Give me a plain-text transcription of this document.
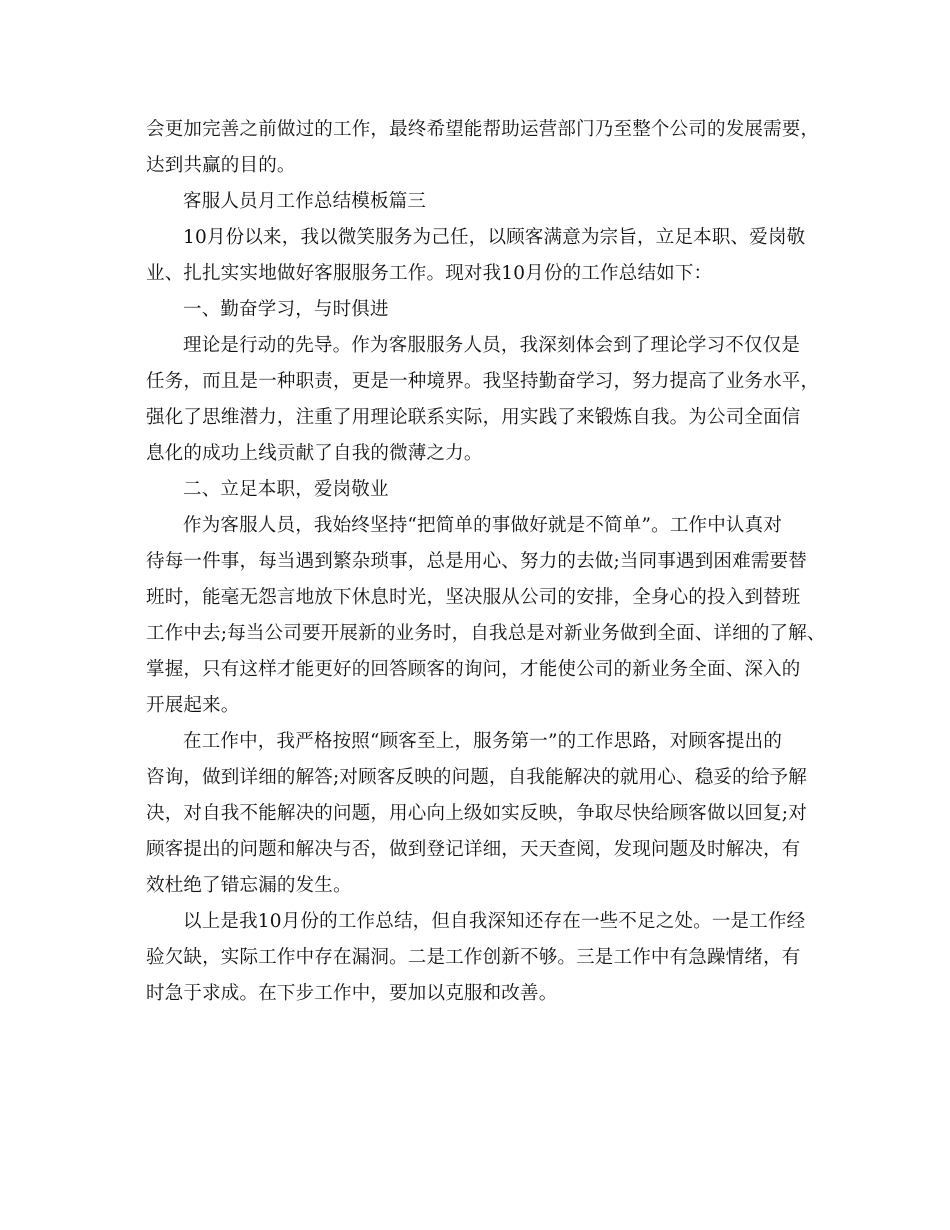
会更加完善之前做过的工作，最终希望能帮助运营部门乃至整个公司的发展需要，
达到共赢的目的。
客服人员月工作总结模板篇三
10月份以来，我以微笑服务为己任，以顾客满意为宗旨，立足本职、爱岗敬
业、扎扎实实地做好客服服务工作。现对我10月份的工作总结如下：
一、勤奋学习，与时俱进
理论是行动的先导。作为客服服务人员，我深刻体会到了理论学习不仅仅是
任务，而且是一种职责，更是一种境界。我坚持勤奋学习，努力提高了业务水平，
强化了思维潜力，注重了用理论联系实际，用实践了来锻炼自我。为公司全面信
息化的成功上线贡献了自我的微薄之力。
二、立足本职，爱岗敬业
作为客服人员，我始终坚持“把简单的事做好就是不简单”。工作中认真对
待每一件事，每当遇到繁杂琐事，总是用心、努力的去做;当同事遇到困难需要替
班时，能毫无怨言地放下休息时光，坚决服从公司的安排，全身心的投入到替班
工作中去;每当公司要开展新的业务时，自我总是对新业务做到全面、详细的了解、
掌握，只有这样才能更好的回答顾客的询问，才能使公司的新业务全面、深入的
开展起来。
在工作中，我严格按照“顾客至上，服务第一”的工作思路，对顾客提出的
咨询，做到详细的解答;对顾客反映的问题，自我能解决的就用心、稳妥的给予解
决，对自我不能解决的问题，用心向上级如实反映，争取尽快给顾客做以回复;对
顾客提出的问题和解决与否，做到登记详细，天天查阅，发现问题及时解决，有
效杜绝了错忘漏的发生。
以上是我10月份的工作总结，但自我深知还存在一些不足之处。一是工作经
验欠缺，实际工作中存在漏洞。二是工作创新不够。三是工作中有急躁情绪，有
时急于求成。在下步工作中，要加以克服和改善。
